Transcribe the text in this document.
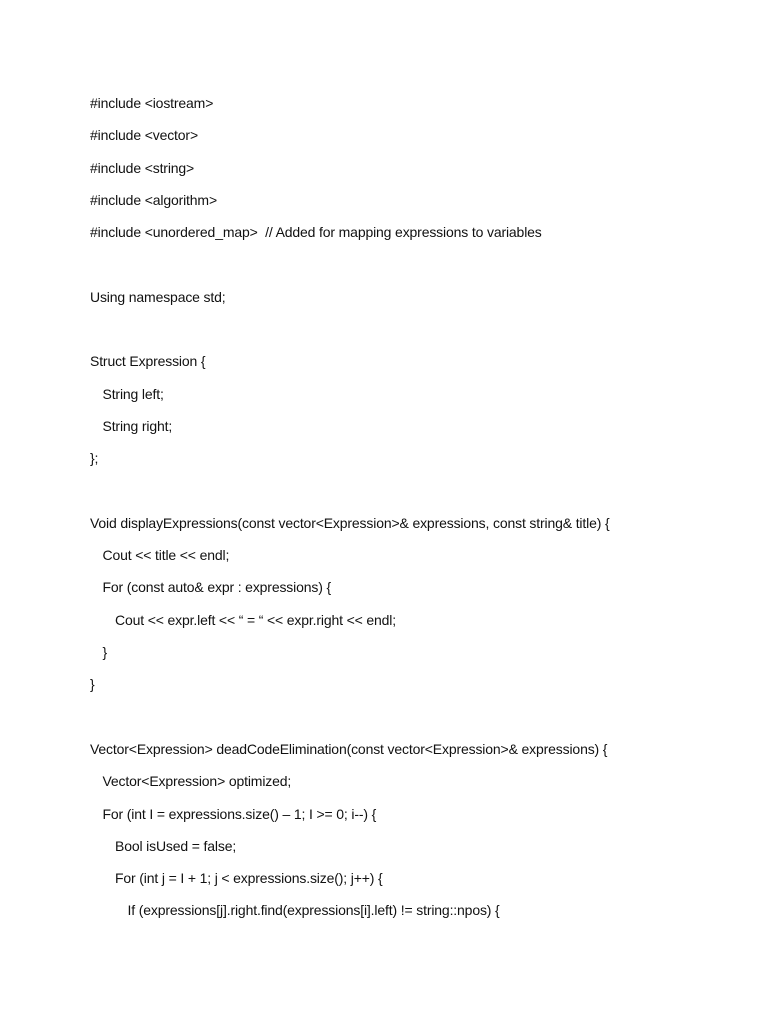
#include <iostream>
#include <vector>
#include <string>
#include <algorithm>
#include <unordered_map>  // Added for mapping expressions to variables
Using namespace std;
Struct Expression {
String left;
String right;
};
Void displayExpressions(const vector<Expression>& expressions, const string& title) {
Cout << title << endl;
For (const auto& expr : expressions) {
Cout << expr.left << “ = “ << expr.right << endl;
}
}
Vector<Expression> deadCodeElimination(const vector<Expression>& expressions) {
Vector<Expression> optimized;
For (int I = expressions.size() – 1; I >= 0; i--) {
Bool isUsed = false;
For (int j = I + 1; j < expressions.size(); j++) {
If (expressions[j].right.find(expressions[i].left) != string::npos) {
